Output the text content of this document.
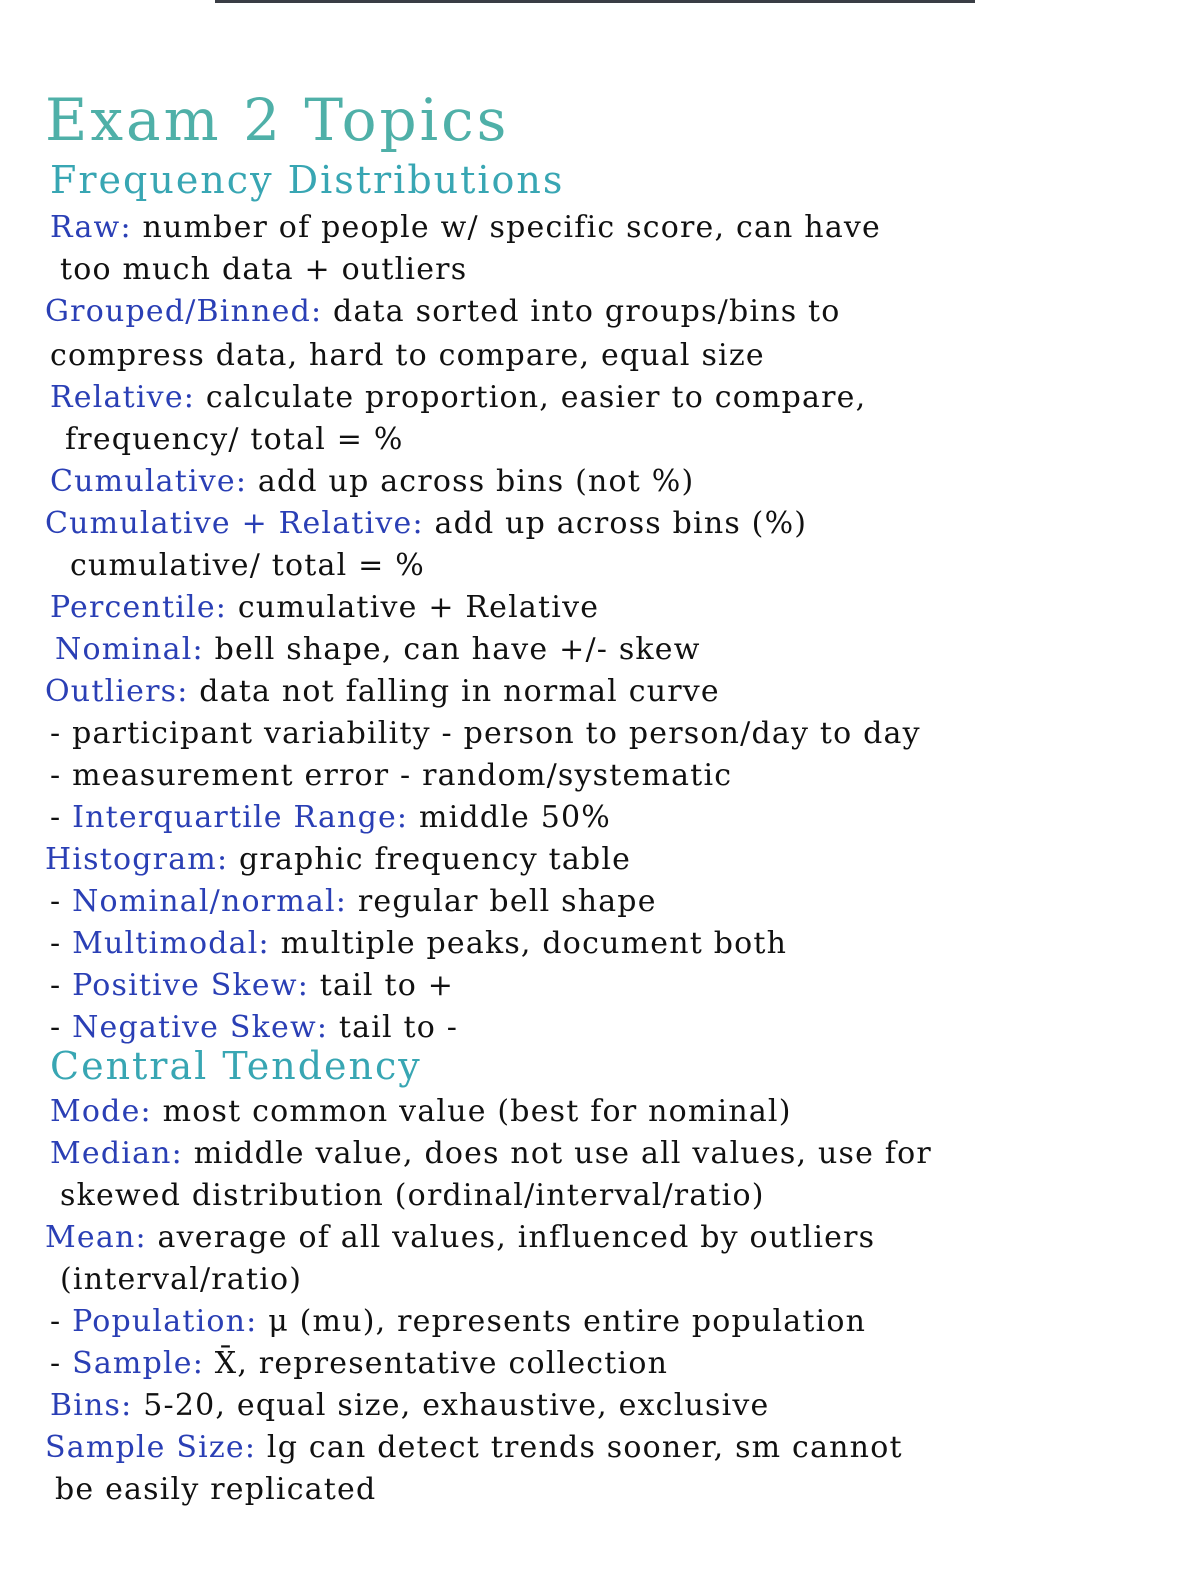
Exam 2 Topics
Frequency Distributions
Raw: number of people w/ specific score, can have
too much data + outliers
Grouped/Binned: data sorted into groups/bins to
compress data, hard to compare, equal size
Relative: calculate proportion, easier to compare,
frequency/ total = %
Cumulative: add up across bins (not %)
Cumulative + Relative: add up across bins (%)
cumulative/ total = %
Percentile: cumulative + Relative
Nominal: bell shape, can have +/- skew
Outliers: data not falling in normal curve
- participant variability - person to person/day to day
- measurement error - random/systematic
- Interquartile Range: middle 50%
Histogram: graphic frequency table
- Nominal/normal: regular bell shape
- Multimodal: multiple peaks, document both
- Positive Skew: tail to +
- Negative Skew: tail to -
Central Tendency
Mode: most common value (best for nominal)
Median: middle value, does not use all values, use for
skewed distribution (ordinal/interval/ratio)
Mean: average of all values, influenced by outliers
(interval/ratio)
- Population: μ (mu), represents entire population
- Sample: X̄, representative collection
Bins: 5-20, equal size, exhaustive, exclusive
Sample Size: lg can detect trends sooner, sm cannot
be easily replicated
